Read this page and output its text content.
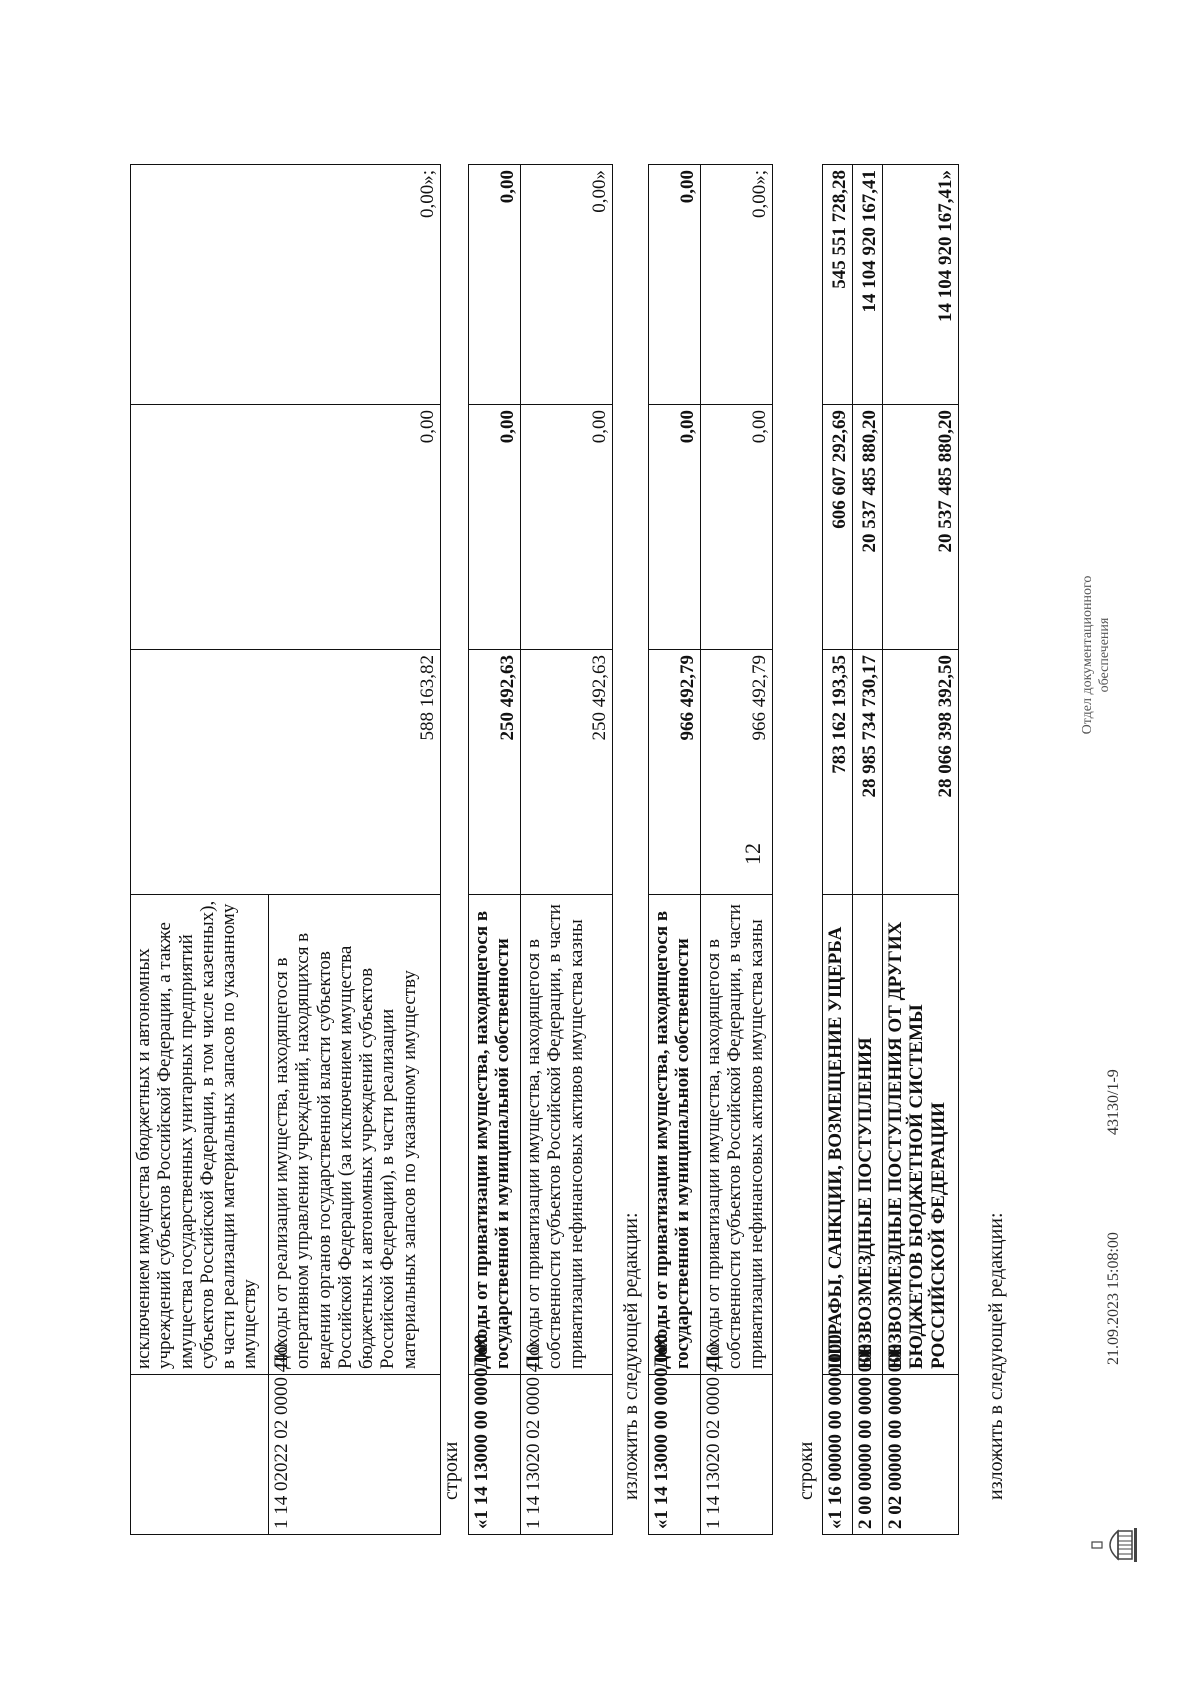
12
	исключением имущества бюджетных и автономных учреждений субъектов Российской Федерации, а также имущества государственных унитарных предприятий субъектов Российской Федерации, в том числе казенных), в части реализации материальных запасов по указанному имуществу	588 163,82	0,00	0,00»;
1 14 02022 02 0000 440	Доходы от реализации имущества, находящегося в оперативном управлении учреждений, находящихся в ведении органов государственной власти субъектов Российской Федерации (за исключением имущества бюджетных и автономных учреждений субъектов Российской Федерации), в части реализации материальных запасов по указанному имуществу			
строки «1 14 13000 00 0000 000	Доходы от приватизации имущества, находящегося в государственной и муниципальной собственности	250 492,63	0,00	0,00
1 14 13020 02 0000 410	Доходы от приватизации имущества, находящегося в собственности субъектов Российской Федерации, в части приватизации нефинансовых активов имущества казны	250 492,63	0,00	0,00»
изложить в следующей редакции: «1 14 13000 00 0000 000	Доходы от приватизации имущества, находящегося в государственной и муниципальной собственности	966 492,79	0,00	0,00
1 14 13020 02 0000 410	Доходы от приватизации имущества, находящегося в собственности субъектов Российской Федерации, в части приватизации нефинансовых активов имущества казны	966 492,79	0,00	0,00»;
строки «1 16 00000 00 0000 000	ШТРАФЫ, САНКЦИИ, ВОЗМЕЩЕНИЕ УЩЕРБА	783 162 193,35	606 607 292,69	545 551 728,28
2 00 00000 00 0000 000	БЕЗВОЗМЕЗДНЫЕ ПОСТУПЛЕНИЯ	28 985 734 730,17	20 537 485 880,20	14 104 920 167,41
2 02 00000 00 0000 000	БЕЗВОЗМЕЗДНЫЕ ПОСТУПЛЕНИЯ ОТ ДРУГИХ БЮДЖЕТОВ БЮДЖЕТНОЙ СИСТЕМЫ РОССИЙСКОЙ ФЕДЕРАЦИИ	28 066 398 392,50	20 537 485 880,20	14 104 920 167,41»
изложить в следующей редакции:	21.09.2023 15:08:00
43130/1-9
Отдел документационного обеспечения
